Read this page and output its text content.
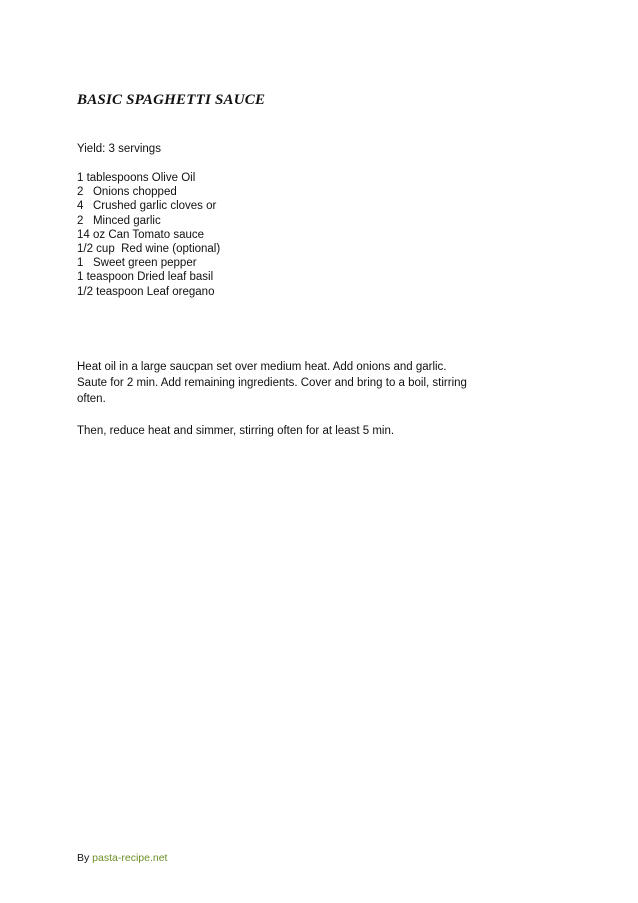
BASIC SPAGHETTI SAUCE

Yield: 3 servings

1 tablespoons Olive Oil
2   Onions chopped
4   Crushed garlic cloves or
2   Minced garlic
14 oz Can Tomato sauce
1/2 cup  Red wine (optional)
1   Sweet green pepper
1 teaspoon Dried leaf basil
1/2 teaspoon Leaf oregano

Heat oil in a large saucpan set over medium heat. Add onions and garlic. Saute for 2 min. Add remaining ingredients. Cover and bring to a boil, stirring often.

Then, reduce heat and simmer, stirring often for at least 5 min.

By pasta-recipe.net
